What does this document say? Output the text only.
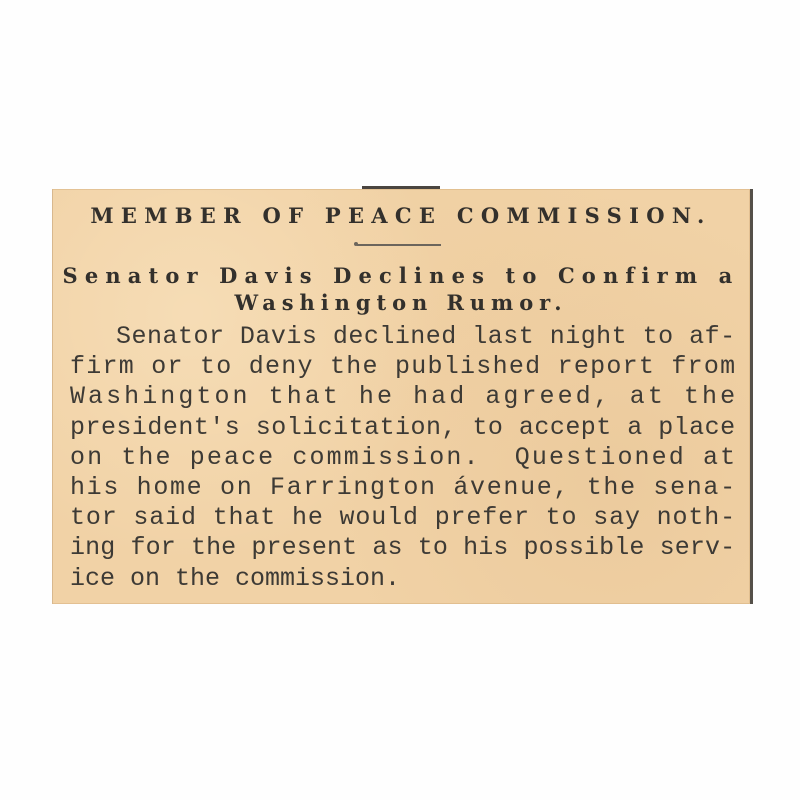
MEMBER OF PEACE COMMISSION.
Senator Davis Declines to Confirm a
Washington Rumor.
Senator Davis declined last night to af-
firm or to deny the published report from
Washington that he had agreed, at the
president's solicitation, to accept a place
on the peace commission.  Questioned at
his home on Farrington ávenue, the sena-
tor said that he would prefer to say noth-
ing for the present as to his possible serv-
ice on the commission.
